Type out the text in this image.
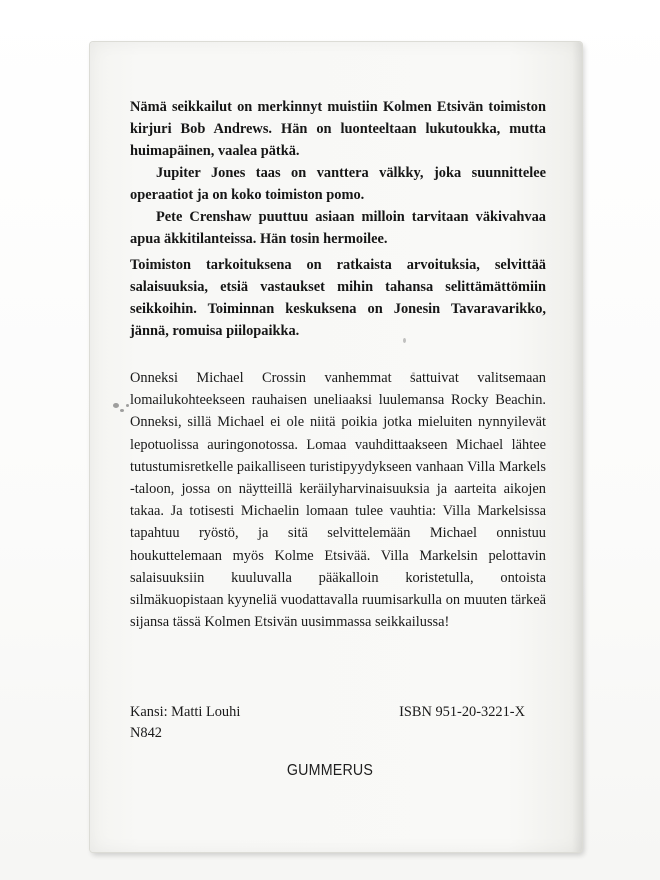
Nämä seikkailut on merkinnyt muistiin Kolmen Etsivän toimiston kirjuri Bob Andrews. Hän on luonteeltaan lukutoukka, mutta huimapäinen, vaalea pätkä.

Jupiter Jones taas on vanttera välkky, joka suunnittelee operaatiot ja on koko toimiston pomo.

Pete Crenshaw puuttuu asiaan milloin tarvitaan väkivahvaa apua äkkitilanteissa. Hän tosin hermoilee.

Toimiston tarkoituksena on ratkaista arvoituksia, selvittää salaisuuksia, etsiä vastaukset mihin tahansa selittämättömiin seikkoihin. Toiminnan keskuksena on Jonesin Tavaravarikko, jännä, romuisa piilopaikka.

Onneksi Michael Crossin vanhemmat sattuivat valitsemaan lomailukohteekseen rauhaisen uneliaaksi luulemansa Rocky Beachin. Onneksi, sillä Michael ei ole niitä poikia jotka mieluiten nynnyilevät lepotuolissa auringonotossa. Lomaa vauhdittaakseen Michael lähtee tutustumisretkelle paikalliseen turistipyydykseen vanhaan Villa Markels -taloon, jossa on näytteillä keräilyharvinaisuuksia ja aarteita aikojen takaa. Ja totisesti Michaelin lomaan tulee vauhtia: Villa Markelsissa tapahtuu ryöstö, ja sitä selvittelemään Michael onnistuu houkuttelemaan myös Kolme Etsivää. Villa Markelsin pelottavin salaisuuksiin kuuluvalla pääkalloin koristetulla, ontoista silmäkuopistaan kyyneliä vuodattavalla ruumisarkulla on muuten tärkeä sijansa tässä Kolmen Etsivän uusimmassa seikkailussa!

Kansi: Matti Louhi
N842
ISBN 951-20-3221-X
GUMMERUS
